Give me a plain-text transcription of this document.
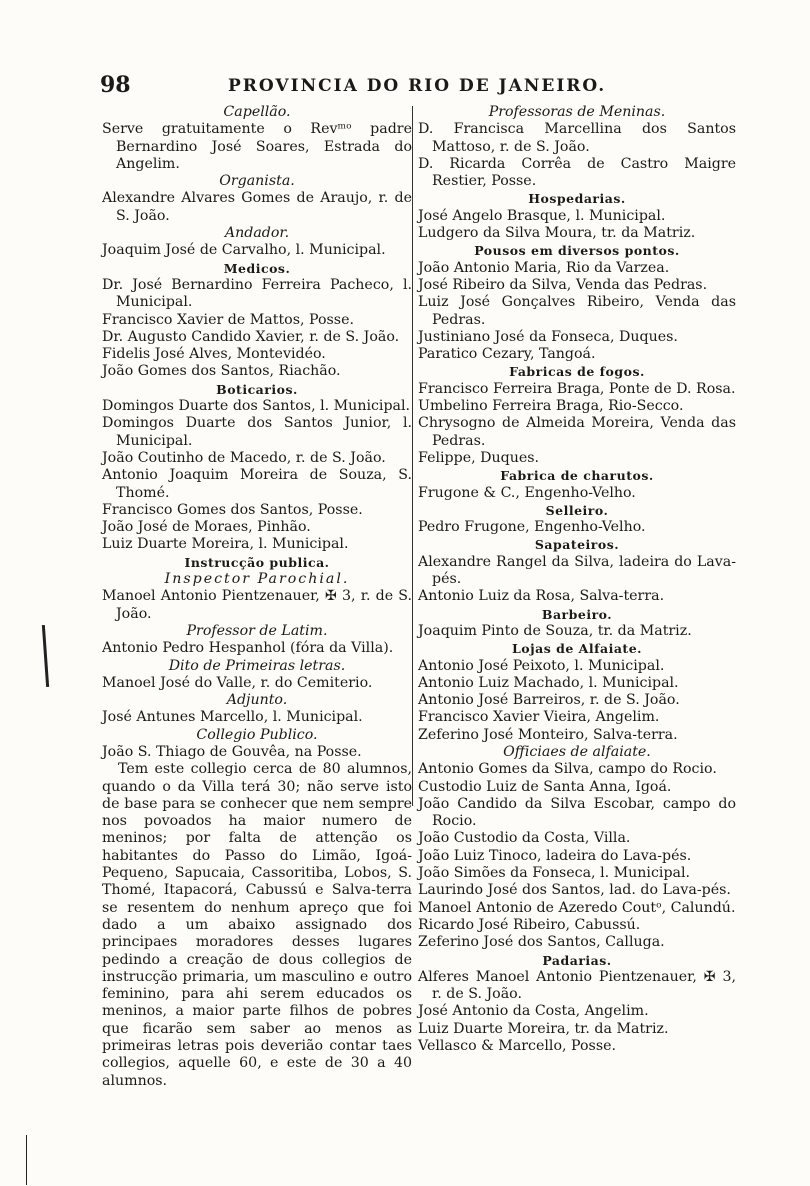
98	PROVINCIA DO RIO DE JANEIRO.
Capellão.
Serve gratuitamente o Revᵐᵒ padre Bernardino José Soares, Estrada do Angelim.
Organista.
Alexandre Alvares Gomes de Araujo, r. de S. João.
Andador.
Joaquim José de Carvalho, l. Municipal.
Medicos.
Dr. José Bernardino Ferreira Pacheco, l. Municipal.
Francisco Xavier de Mattos, Posse.
Dr. Augusto Candido Xavier, r. de S. João.
Fidelis José Alves, Montevidéo.
João Gomes dos Santos, Riachão.
Boticarios.
Domingos Duarte dos Santos, l. Municipal.
Domingos Duarte dos Santos Junior, l. Municipal.
João Coutinho de Macedo, r. de S. João.
Antonio Joaquim Moreira de Souza, S. Thomé.
Francisco Gomes dos Santos, Posse.
João José de Moraes, Pinhão.
Luiz Duarte Moreira, l. Municipal.
Instrucção publica.
Inspector Parochial.
Manoel Antonio Pientzenauer, ✠ 3, r. de S. João.
Professor de Latim.
Antonio Pedro Hespanhol (fóra da Villa).
Dito de Primeiras letras.
Manoel José do Valle, r. do Cemiterio.
Adjunto.
José Antunes Marcello, l. Municipal.
Collegio Publico.
João S. Thiago de Gouvêa, na Posse.
Tem este collegio cerca de 80 alumnos, quando o da Villa terá 30; não serve isto de base para se conhecer que nem sempre nos povoados ha maior numero de meninos; por falta de attenção os habitantes do Passo do Limão, Igoá-Pequeno, Sapucaia, Cassoritiba, Lobos, S. Thomé, Itapacorá, Cabussú e Salva-terra se resentem do nenhum apreço que foi dado a um abaixo assignado dos principaes moradores desses lugares pedindo a creação de dous collegios de instrucção primaria, um masculino e outro feminino, para ahi serem educados os meninos, a maior parte filhos de pobres que ficarão sem saber ao menos as primeiras letras pois deverião contar taes collegios, aquelle 60, e este de 30 a 40 alumnos.
Professoras de Meninas.
D. Francisca Marcellina dos Santos Mattoso, r. de S. João.
D. Ricarda Corrêa de Castro Maigre Restier, Posse.
Hospedarias.
José Angelo Brasque, l. Municipal.
Ludgero da Silva Moura, tr. da Matriz.
Pousos em diversos pontos.
João Antonio Maria, Rio da Varzea.
José Ribeiro da Silva, Venda das Pedras.
Luiz José Gonçalves Ribeiro, Venda das Pedras.
Justiniano José da Fonseca, Duques.
Paratico Cezary, Tangoá.
Fabricas de fogos.
Francisco Ferreira Braga, Ponte de D. Rosa.
Umbelino Ferreira Braga, Rio-Secco.
Chrysogno de Almeida Moreira, Venda das Pedras.
Felippe, Duques.
Fabrica de charutos.
Frugone & C., Engenho-Velho.
Selleiro.
Pedro Frugone, Engenho-Velho.
Sapateiros.
Alexandre Rangel da Silva, ladeira do Lava-pés.
Antonio Luiz da Rosa, Salva-terra.
Barbeiro.
Joaquim Pinto de Souza, tr. da Matriz.
Lojas de Alfaiate.
Antonio José Peixoto, l. Municipal.
Antonio Luiz Machado, l. Municipal.
Antonio José Barreiros, r. de S. João.
Francisco Xavier Vieira, Angelim.
Zeferino José Monteiro, Salva-terra.
Officiaes de alfaiate.
Antonio Gomes da Silva, campo do Rocio.
Custodio Luiz de Santa Anna, Igoá.
João Candido da Silva Escobar, campo do Rocio.
João Custodio da Costa, Villa.
João Luiz Tinoco, ladeira do Lava-pés.
João Simões da Fonseca, l. Municipal.
Laurindo José dos Santos, lad. do Lava-pés.
Manoel Antonio de Azeredo Coutᵒ, Calundú.
Ricardo José Ribeiro, Cabussú.
Zeferino José dos Santos, Calluga.
Padarias.
Alferes Manoel Antonio Pientzenauer, ✠ 3, r. de S. João.
José Antonio da Costa, Angelim.
Luiz Duarte Moreira, tr. da Matriz.
Vellasco & Marcello, Posse.
